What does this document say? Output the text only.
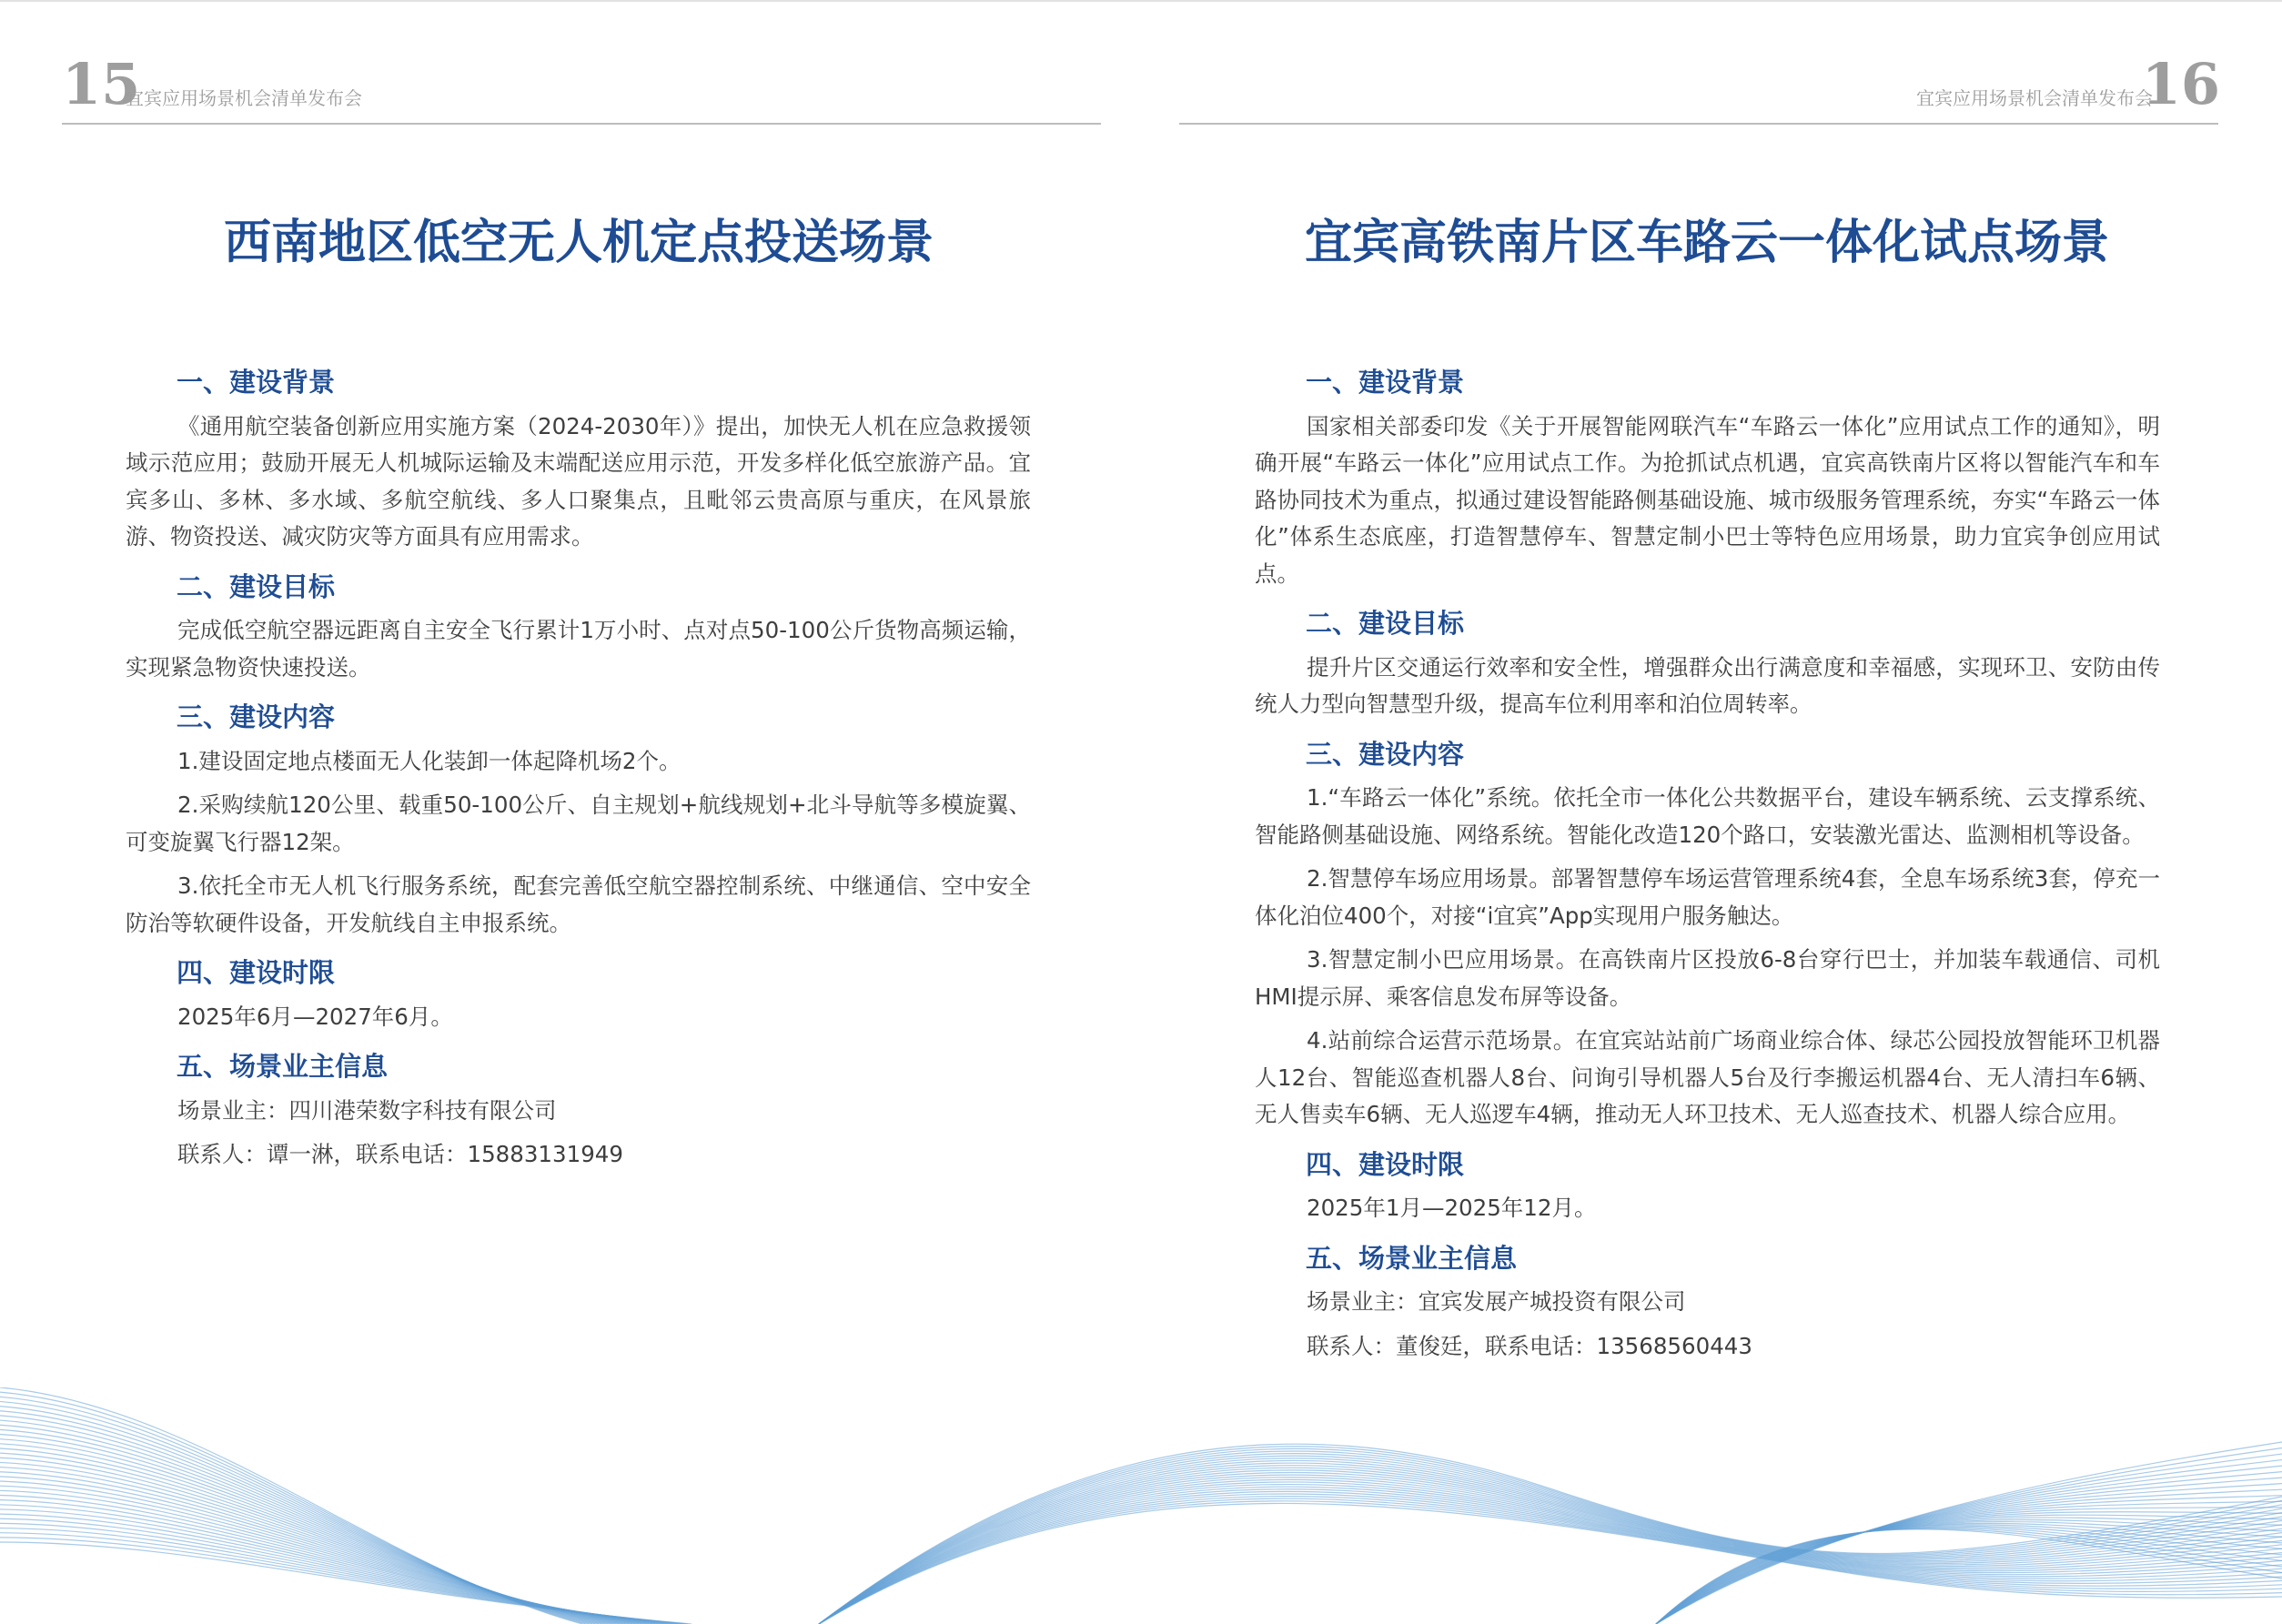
15
宜宾应用场景机会清单发布会
西南地区低空无人机定点投送场景
一、建设背景

《通用航空装备创新应用实施方案（2024-2030年）》提出，加快无人机在应急救援领域示范应用；鼓励开展无人机城际运输及末端配送应用示范，开发多样化低空旅游产品。宜宾多山、多林、多水域、多航空航线、多人口聚集点，且毗邻云贵高原与重庆，在风景旅游、物资投送、减灾防灾等方面具有应用需求。

二、建设目标

完成低空航空器远距离自主安全飞行累计1万小时、点对点50-100公斤货物高频运输，实现紧急物资快速投送。

三、建设内容

1.建设固定地点楼面无人化装卸一体起降机场2个。

2.采购续航120公里、载重50-100公斤、自主规划+航线规划+北斗导航等多模旋翼、可变旋翼飞行器12架。

3.依托全市无人机飞行服务系统，配套完善低空航空器控制系统、中继通信、空中安全防治等软硬件设备，开发航线自主申报系统。

四、建设时限

2025年6月—2027年6月。

五、场景业主信息

场景业主：四川港荣数字科技有限公司

联系人：谭一淋，联系电话：15883131949

宜宾应用场景机会清单发布会
16
宜宾高铁南片区车路云一体化试点场景
一、建设背景

国家相关部委印发《关于开展智能网联汽车“车路云一体化”应用试点工作的通知》，明确开展“车路云一体化”应用试点工作。为抢抓试点机遇，宜宾高铁南片区将以智能汽车和车路协同技术为重点，拟通过建设智能路侧基础设施、城市级服务管理系统，夯实“车路云一体化”体系生态底座，打造智慧停车、智慧定制小巴士等特色应用场景，助力宜宾争创应用试点。

二、建设目标

提升片区交通运行效率和安全性，增强群众出行满意度和幸福感，实现环卫、安防由传统人力型向智慧型升级，提高车位利用率和泊位周转率。

三、建设内容

1.“车路云一体化”系统。依托全市一体化公共数据平台，建设车辆系统、云支撑系统、智能路侧基础设施、网络系统。智能化改造120个路口，安装激光雷达、监测相机等设备。

2.智慧停车场应用场景。部署智慧停车场运营管理系统4套，全息车场系统3套，停充一体化泊位400个，对接“i宜宾”App实现用户服务触达。

3.智慧定制小巴应用场景。在高铁南片区投放6-8台穿行巴士，并加装车载通信、司机HMI提示屏、乘客信息发布屏等设备。

4.站前综合运营示范场景。在宜宾站站前广场商业综合体、绿芯公园投放智能环卫机器人12台、智能巡查机器人8台、问询引导机器人5台及行李搬运机器4台、无人清扫车6辆、无人售卖车6辆、无人巡逻车4辆，推动无人环卫技术、无人巡查技术、机器人综合应用。

四、建设时限

2025年1月—2025年12月。

五、场景业主信息

场景业主：宜宾发展产城投资有限公司

联系人：董俊廷，联系电话：13568560443
